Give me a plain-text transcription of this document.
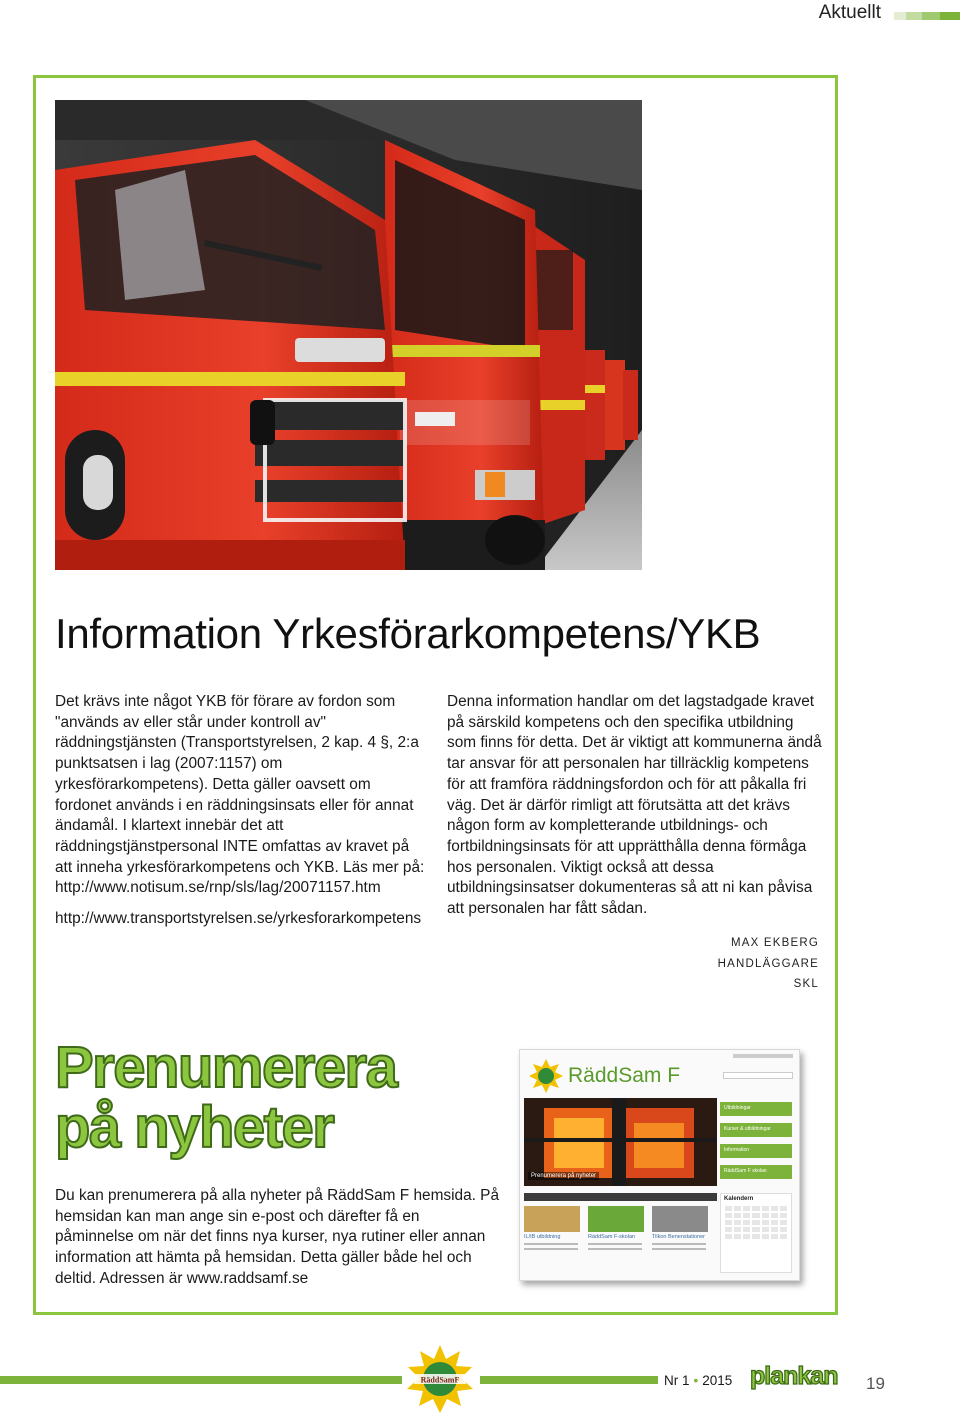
Aktuellt
Information Yrkesförarkompetens/YKB

Det krävs inte något YKB för förare av fordon som "används av eller står under kontroll av" räddningstjänsten (Transportstyrelsen, 2 kap. 4 §, 2:a punktsatsen i lag (2007:1157) om yrkesförarkompetens). Detta gäller oavsett om fordonet används i en räddningsinsats eller för annat ändamål. I klartext innebär det att räddningstjänstpersonal INTE omfattas av kravet på att inneha yrkesförarkompetens och YKB. Läs mer på:

http://www.notisum.se/rnp/sls/lag/20071157.htm
http://www.transportstyrelsen.se/yrkesforarkompetens

Denna information handlar om det lagstadgade kravet på särskild kompetens och den specifika utbildning som finns för detta. Det är viktigt att kommunerna ändå tar ansvar för att personalen har tillräcklig kompetens för att framföra räddningsfordon och för att påkalla fri väg. Det är därför rimligt att förutsätta att det krävs någon form av kompletterande utbildnings- och fortbildningsinsats för att upprätthålla denna förmåga hos personalen. Viktigt också att dessa utbildningsinsatser dokumenteras så att ni kan påvisa att personalen har fått sådan.

MAX EKBERG
HANDLÄGGARE
SKL
Prenumerera
på nyheter
Du kan prenumerera på alla nyheter på RäddSam F hemsida. På hemsidan kan man ange sin e-post och därefter få en påminnelse om när det finns nya kurser, nya rutiner eller annan information att hämta på hemsidan. Detta gäller både hel och deltid. Adressen är www.raddsamf.se
RäddSam F
Prenumerera på nyheter
Utbildningar
Kurser & utbildningar
Information
RäddSam F skolan
IL/IB utbildning	RäddSam F-skolan	Tilkon Benenstationer
Kalendern
RäddSamF	Nr 1 • 2015 plankan 19
